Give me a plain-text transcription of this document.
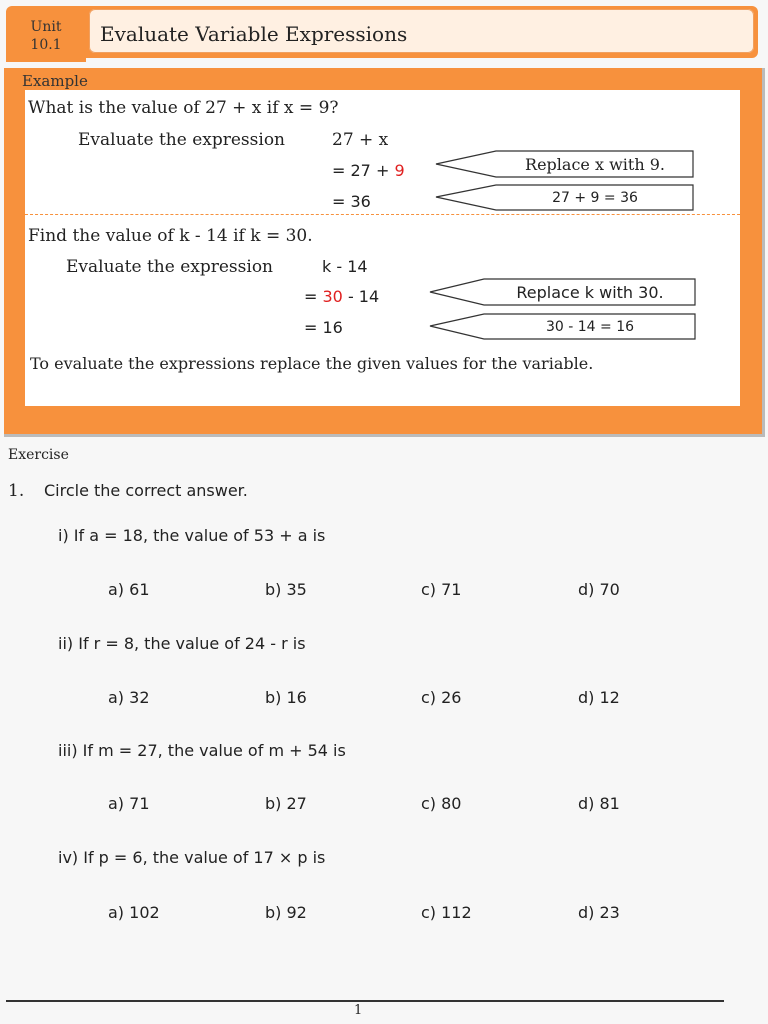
Unit
10.1	Evaluate Variable Expressions
Example
What is the value of 27 + x if x = 9?
Evaluate the expression	27 + x
= 27 + 9
= 36
Replace x with 9.
27 + 9 = 36
Find the value of k - 14 if k = 30.
Evaluate the expression	k - 14
= 30 - 14
= 16
Replace k with 30.
30 - 14 = 16
To evaluate the expressions replace the given values for the variable.
Exercise
1. Circle the correct answer.
i) If a = 18, the value of 53 + a is
a) 61	b) 35	c) 71	d) 70
ii) If r = 8, the value of 24 - r is
a) 32	b) 16	c) 26	d) 12
iii) If m = 27, the value of m + 54 is
a) 71	b) 27	c) 80	d) 81
iv) If p = 6, the value of 17 × p is
a) 102	b) 92	c) 112	d) 23
1
